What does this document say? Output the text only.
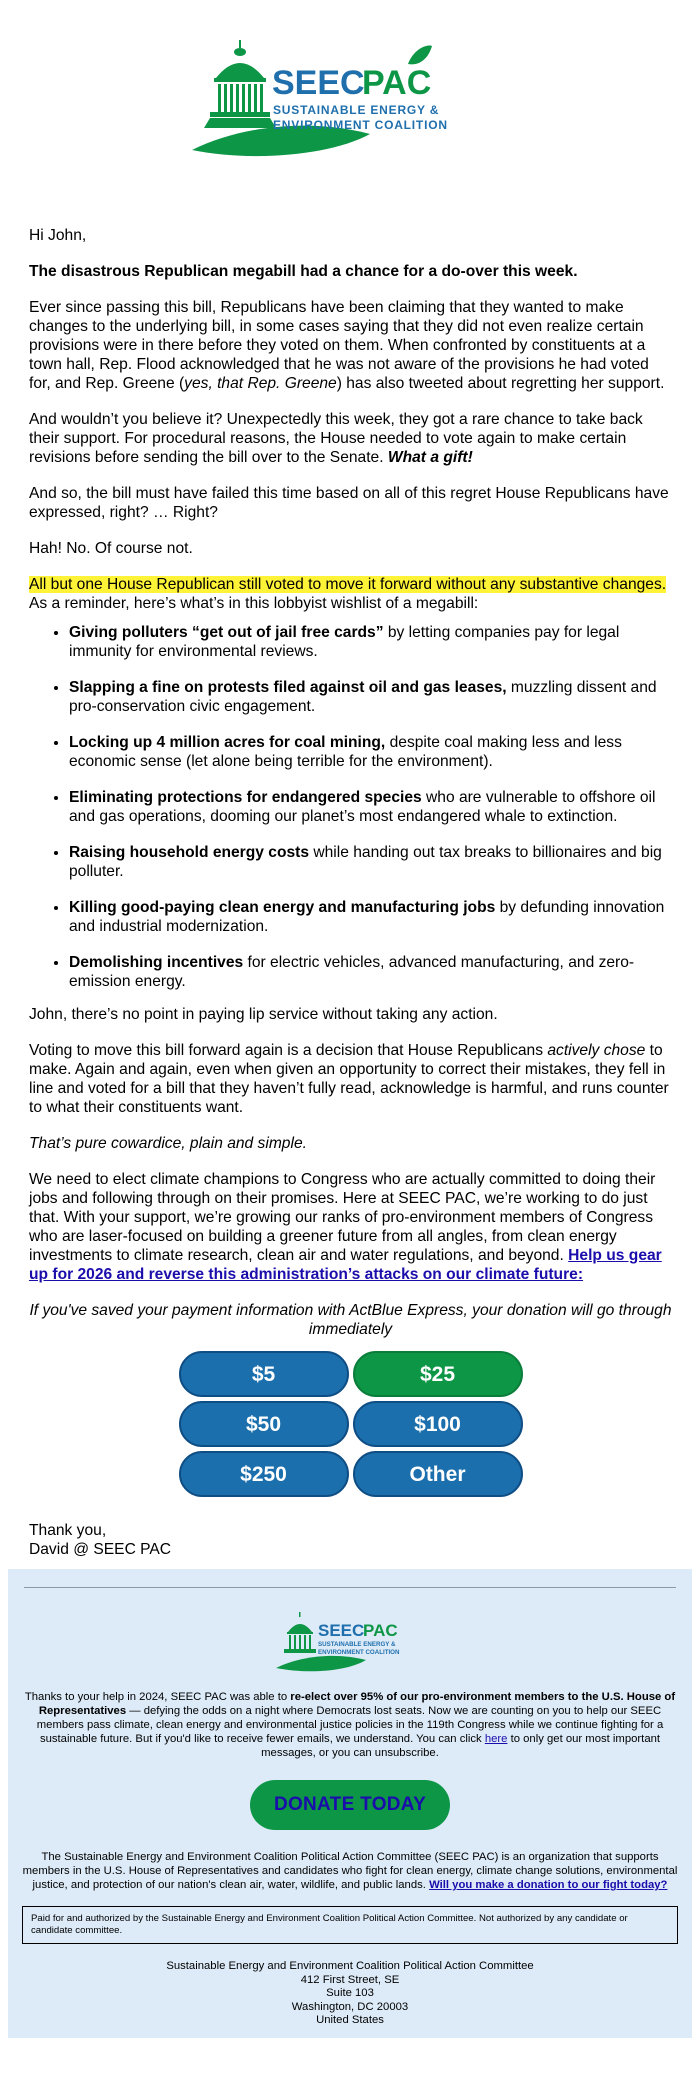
SEEC
PAC
SUSTAINABLE ENERGY &
ENVIRONMENT COALITION

Hi John,

The disastrous Republican megabill had a chance for a do-over this week.

Ever since passing this bill, Republicans have been claiming that they wanted to make changes to the underlying bill, in some cases saying that they did not even realize certain provisions were in there before they voted on them. When confronted by constituents at a town hall, Rep. Flood acknowledged that he was not aware of the provisions he had voted for, and Rep. Greene (yes, that Rep. Greene) has also tweeted about regretting her support.

And wouldn’t you believe it? Unexpectedly this week, they got a rare chance to take back their support. For procedural reasons, the House needed to vote again to make certain revisions before sending the bill over to the Senate. What a gift!

And so, the bill must have failed this time based on all of this regret House Republicans have expressed, right? … Right?

Hah! No. Of course not.

All but one House Republican still voted to move it forward without any substantive changes. As a reminder, here’s what’s in this lobbyist wishlist of a megabill:

• Giving polluters “get out of jail free cards” by letting companies pay for legal immunity for environmental reviews.
• Slapping a fine on protests filed against oil and gas leases, muzzling dissent and pro-conservation civic engagement.
• Locking up 4 million acres for coal mining, despite coal making less and less economic sense (let alone being terrible for the environment).
• Eliminating protections for endangered species who are vulnerable to offshore oil and gas operations, dooming our planet’s most endangered whale to extinction.
• Raising household energy costs while handing out tax breaks to billionaires and big polluter.
• Killing good-paying clean energy and manufacturing jobs by defunding innovation and industrial modernization.
• Demolishing incentives for electric vehicles, advanced manufacturing, and zero-emission energy.

John, there’s no point in paying lip service without taking any action.

Voting to move this bill forward again is a decision that House Republicans actively chose to make. Again and again, even when given an opportunity to correct their mistakes, they fell in line and voted for a bill that they haven’t fully read, acknowledge is harmful, and runs counter to what their constituents want.

That’s pure cowardice, plain and simple.

We need to elect climate champions to Congress who are actually committed to doing their jobs and following through on their promises. Here at SEEC PAC, we’re working to do just that. With your support, we’re growing our ranks of pro-environment members of Congress who are laser-focused on building a greener future from all angles, from clean energy investments to climate research, clean air and water regulations, and beyond. Help us gear up for 2026 and reverse this administration’s attacks on our climate future:

If you've saved your payment information with ActBlue Express, your donation will go through immediately

$5	$25
$50	$100
$250	Other
Thank you,
David @ SEEC PAC
SEEC
PAC
SUSTAINABLE ENERGY &
ENVIRONMENT COALITION

Thanks to your help in 2024, SEEC PAC was able to re-elect over 95% of our pro-environment members to the U.S. House of Representatives — defying the odds on a night where Democrats lost seats. Now we are counting on you to help our SEEC members pass climate, clean energy and environmental justice policies in the 119th Congress while we continue fighting for a sustainable future. But if you'd like to receive fewer emails, we understand. You can click here to only get our most important messages, or you can unsubscribe.

DONATE TODAY

The Sustainable Energy and Environment Coalition Political Action Committee (SEEC PAC) is an organization that supports members in the U.S. House of Representatives and candidates who fight for clean energy, climate change solutions, environmental justice, and protection of our nation's clean air, water, wildlife, and public lands. Will you make a donation to our fight today?

Paid for and authorized by the Sustainable Energy and Environment Coalition Political Action Committee. Not authorized by any candidate or candidate committee.
Sustainable Energy and Environment Coalition Political Action Committee
412 First Street, SE
Suite 103
Washington, DC 20003
United States
